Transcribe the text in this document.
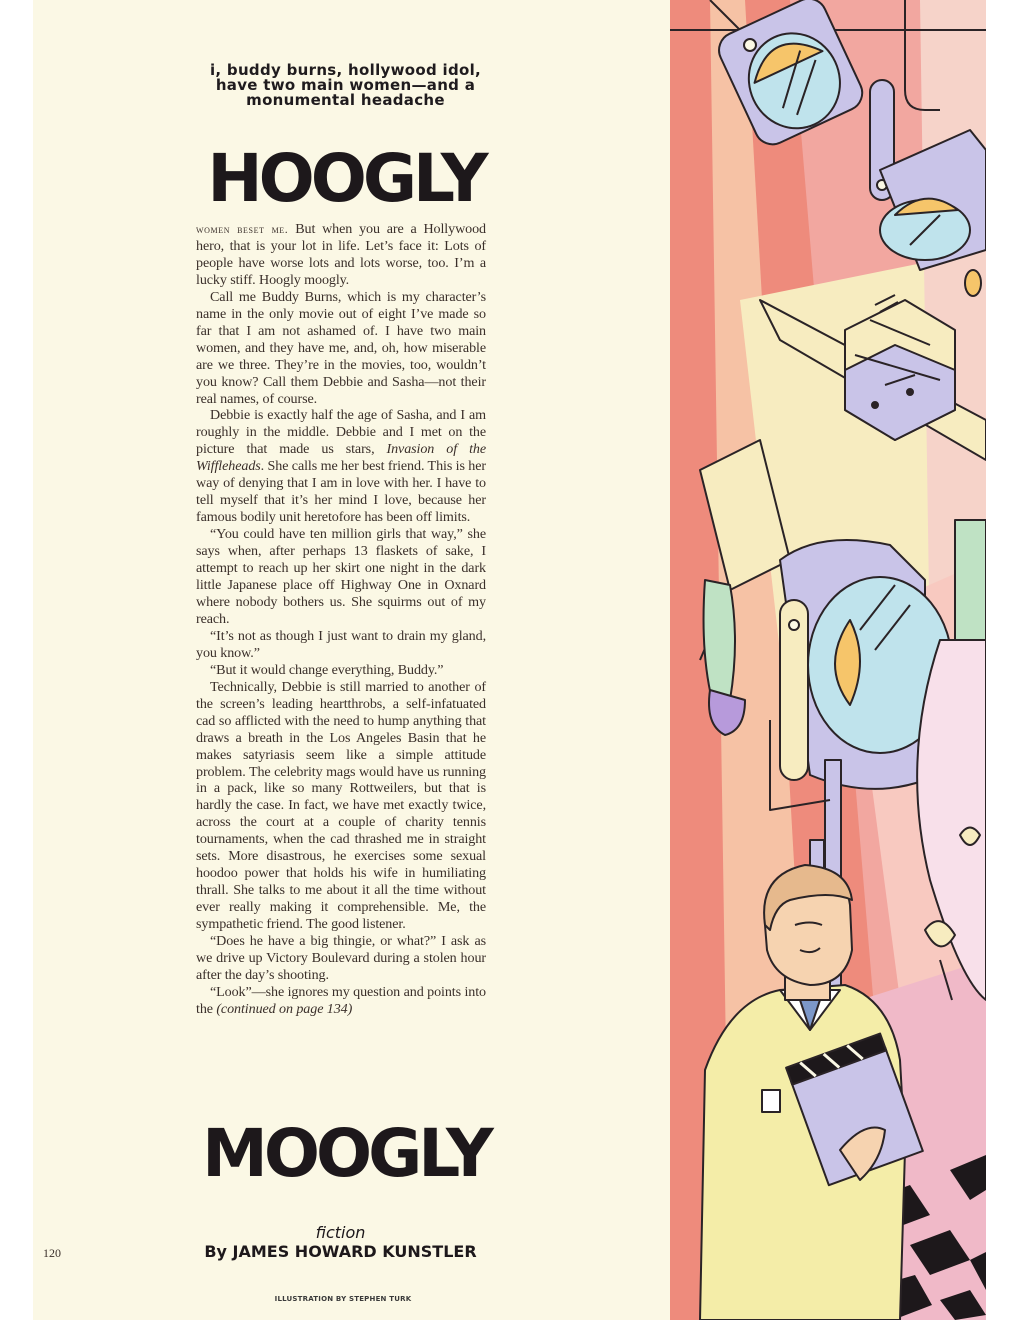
i, buddy burns, hollywood idol, have two main women—and a monumental headache
HOOGLY

women beset me. But when you are a Hollywood hero, that is your lot in life. Let’s face it: Lots of people have worse lots and lots worse, too. I’m a lucky stiff. Hoogly moogly.

Call me Buddy Burns, which is my character’s name in the only movie out of eight I’ve made so far that I am not ashamed of. I have two main women, and they have me, and, oh, how miserable are we three. They’re in the movies, too, wouldn’t you know? Call them Debbie and Sasha—not their real names, of course.

Debbie is exactly half the age of Sasha, and I am roughly in the middle. Debbie and I met on the picture that made us stars, Invasion of the Wiffleheads. She calls me her best friend. This is her way of denying that I am in love with her. I have to tell myself that it’s her mind I love, because her famous bodily unit heretofore has been off limits.

“You could have ten million girls that way,” she says when, after perhaps 13 flaskets of sake, I attempt to reach up her skirt one night in the dark little Japanese place off Highway One in Oxnard where nobody bothers us. She squirms out of my reach.

“It’s not as though I just want to drain my gland, you know.”

“But it would change everything, Buddy.”

Technically, Debbie is still married to another of the screen’s leading heartthrobs, a self-infatuated cad so afflicted with the need to hump anything that draws a breath in the Los Angeles Basin that he makes satyriasis seem like a simple attitude problem. The celebrity mags would have us running in a pack, like so many Rottweilers, but that is hardly the case. In fact, we have met exactly twice, across the court at a couple of charity tennis tournaments, when the cad thrashed me in straight sets. More disastrous, he exercises some sexual hoodoo power that holds his wife in humiliating thrall. She talks to me about it all the time without ever really making it comprehensible. Me, the sympathetic friend. The good listener.

“Does he have a big thingie, or what?” I ask as we drive up Victory Boulevard during a stolen hour after the day’s shooting.

“Look”—she ignores my question and points into the (continued on page 134)

MOOGLY
fiction
By JAMES HOWARD KUNSTLER
120
ILLUSTRATION BY STEPHEN TURK
